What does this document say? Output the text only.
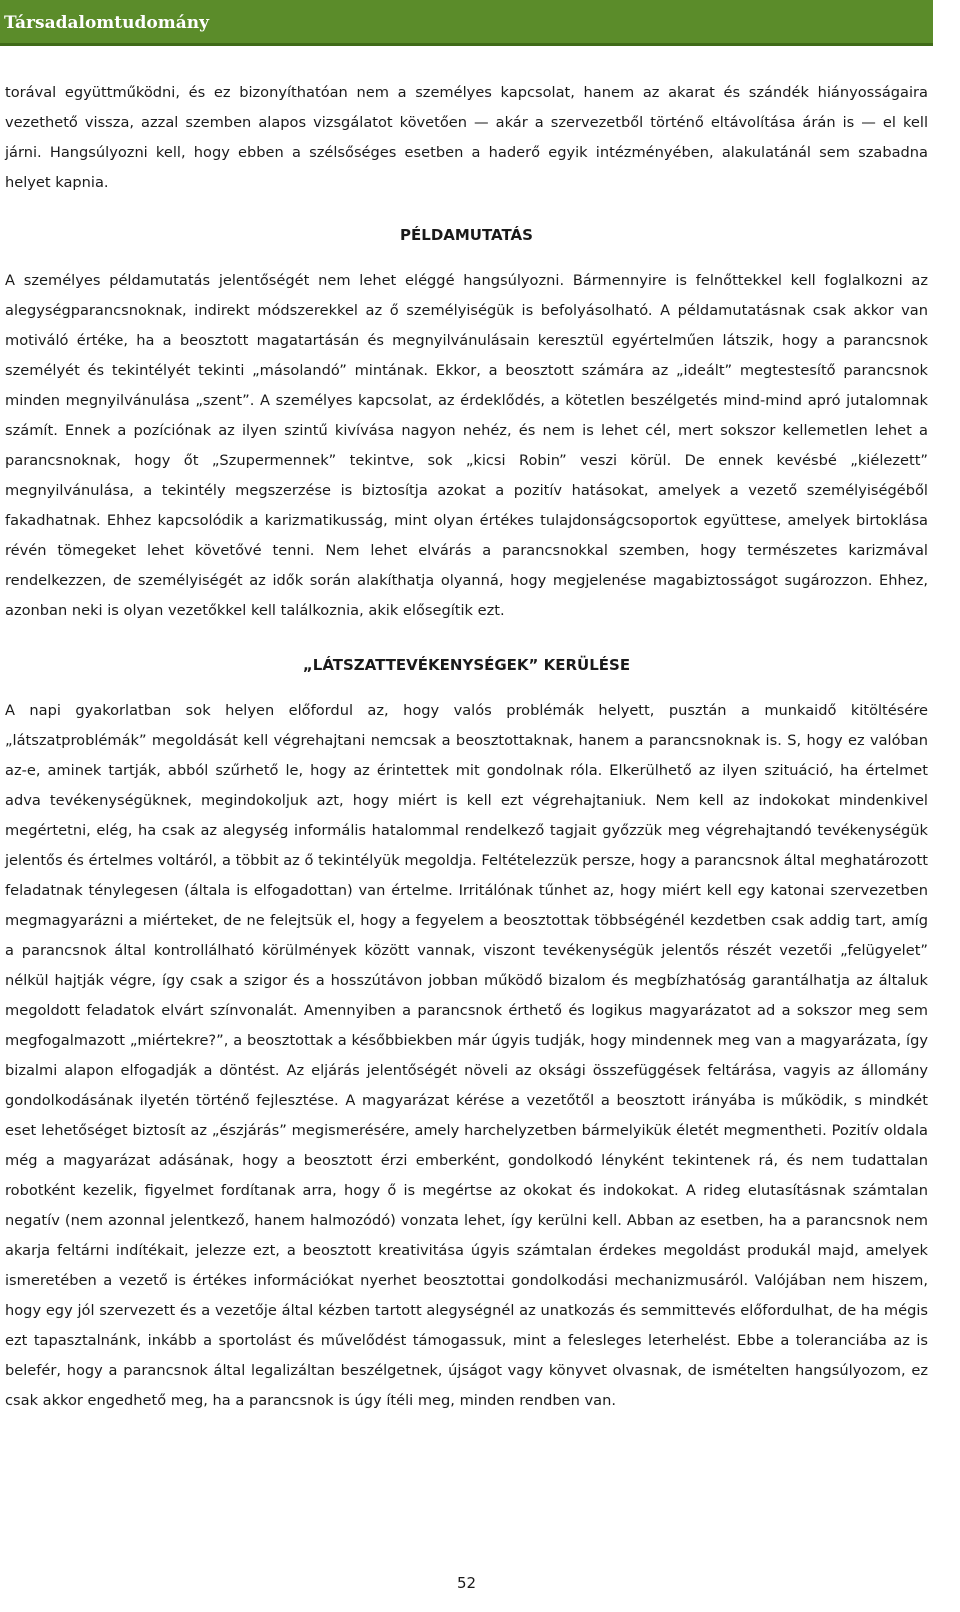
Társadalomtudomány

torával együttműködni, és ez bizonyíthatóan nem a személyes kapcsolat, hanem az akarat és szándék hiányosságaira vezethető vissza, azzal szemben alapos vizsgálatot követően — akár a szervezetből történő eltávolítása árán is — el kell járni. Hangsúlyozni kell, hogy ebben a szélsőséges esetben a haderő egyik intézményében, alakulatánál sem szabadna helyet kapnia.

PÉLDAMUTATÁS

A személyes példamutatás jelentőségét nem lehet eléggé hangsúlyozni. Bármennyire is felnőttekkel kell foglalkozni az alegységparancsnoknak, indirekt módszerekkel az ő személyiségük is befolyásolható. A példamutatásnak csak akkor van motiváló értéke, ha a beosztott magatartásán és megnyilvánulásain keresztül egyértelműen látszik, hogy a parancsnok személyét és tekintélyét tekinti „másolandó” mintának. Ekkor, a beosztott számára az „ideált” megtestesítő parancsnok minden megnyilvánulása „szent”. A személyes kapcsolat, az érdeklődés, a kötetlen beszélgetés mind-mind apró jutalomnak számít. Ennek a pozíciónak az ilyen szintű kivívása nagyon nehéz, és nem is lehet cél, mert sokszor kellemetlen lehet a parancsnoknak, hogy őt „Szupermennek” tekintve, sok „kicsi Robin” veszi körül. De ennek kevésbé „kiélezett” megnyilvánulása, a tekintély megszerzése is biztosítja azokat a pozitív hatásokat, amelyek a vezető személyiségéből fakadhatnak. Ehhez kapcsolódik a karizmatikusság, mint olyan értékes tulajdonságcsoportok együttese, amelyek birtoklása révén tömegeket lehet követővé tenni. Nem lehet elvárás a parancsnokkal szemben, hogy természetes karizmával rendelkezzen, de személyiségét az idők során alakíthatja olyanná, hogy megjelenése magabiztosságot sugározzon. Ehhez, azonban neki is olyan vezetőkkel kell találkoznia, akik elősegítik ezt.

„LÁTSZATTEVÉKENYSÉGEK” KERÜLÉSE

A napi gyakorlatban sok helyen előfordul az, hogy valós problémák helyett, pusztán a munkaidő kitöltésére „látszatproblémák” megoldását kell végrehajtani nemcsak a beosztottaknak, hanem a parancsnoknak is. S, hogy ez valóban az-e, aminek tartják, abból szűrhető le, hogy az érintettek mit gondolnak róla. Elkerülhető az ilyen szituáció, ha értelmet adva tevékenységüknek, megindokoljuk azt, hogy miért is kell ezt végrehajtaniuk. Nem kell az indokokat mindenkivel megértetni, elég, ha csak az alegység informális hatalommal rendelkező tagjait győzzük meg végrehajtandó tevékenységük jelentős és értelmes voltáról, a többit az ő tekintélyük megoldja. Feltételezzük persze, hogy a parancsnok által meghatározott feladatnak ténylegesen (általa is elfogadottan) van értelme. Irritálónak tűnhet az, hogy miért kell egy katonai szervezetben megmagyarázni a miérteket, de ne felejtsük el, hogy a fegyelem a beosztottak többségénél kezdetben csak addig tart, amíg a parancsnok által kontrollálható körülmények között vannak, viszont tevékenységük jelentős részét vezetői „felügyelet” nélkül hajtják végre, így csak a szigor és a hosszútávon jobban működő bizalom és megbízhatóság garantálhatja az általuk megoldott feladatok elvárt színvonalát. Amennyiben a parancsnok érthető és logikus magyarázatot ad a sokszor meg sem megfogalmazott „miértekre?”, a beosztottak a későbbiekben már úgyis tudják, hogy mindennek meg van a magyarázata, így bizalmi alapon elfogadják a döntést. Az eljárás jelentőségét növeli az oksági összefüggések feltárása, vagyis az állomány gondolkodásának ilyetén történő fejlesztése. A magyarázat kérése a vezetőtől a beosztott irányába is működik, s mindkét eset lehetőséget biztosít az „észjárás” megismerésére, amely harchelyzetben bármelyikük életét megmentheti. Pozitív oldala még a magyarázat adásának, hogy a beosztott érzi emberként, gondolkodó lényként tekintenek rá, és nem tudattalan robotként kezelik, figyelmet fordítanak arra, hogy ő is megértse az okokat és indokokat. A rideg elutasításnak számtalan negatív (nem azonnal jelentkező, hanem halmozódó) vonzata lehet, így kerülni kell. Abban az esetben, ha a parancsnok nem akarja feltárni indítékait, jelezze ezt, a beosztott kreativitása úgyis számtalan érdekes megoldást produkál majd, amelyek ismeretében a vezető is értékes információkat nyerhet beosztottai gondolkodási mechanizmusáról. Valójában nem hiszem, hogy egy jól szervezett és a vezetője által kézben tartott alegységnél az unatkozás és semmittevés előfordulhat, de ha mégis ezt tapasztalnánk, inkább a sportolást és művelődést támogassuk, mint a felesleges leterhelést. Ebbe a toleranciába az is belefér, hogy a parancsnok által legalizáltan beszélgetnek, újságot vagy könyvet olvasnak, de ismételten hangsúlyozom, ez csak akkor engedhető meg, ha a parancsnok is úgy ítéli meg, minden rendben van.

52
